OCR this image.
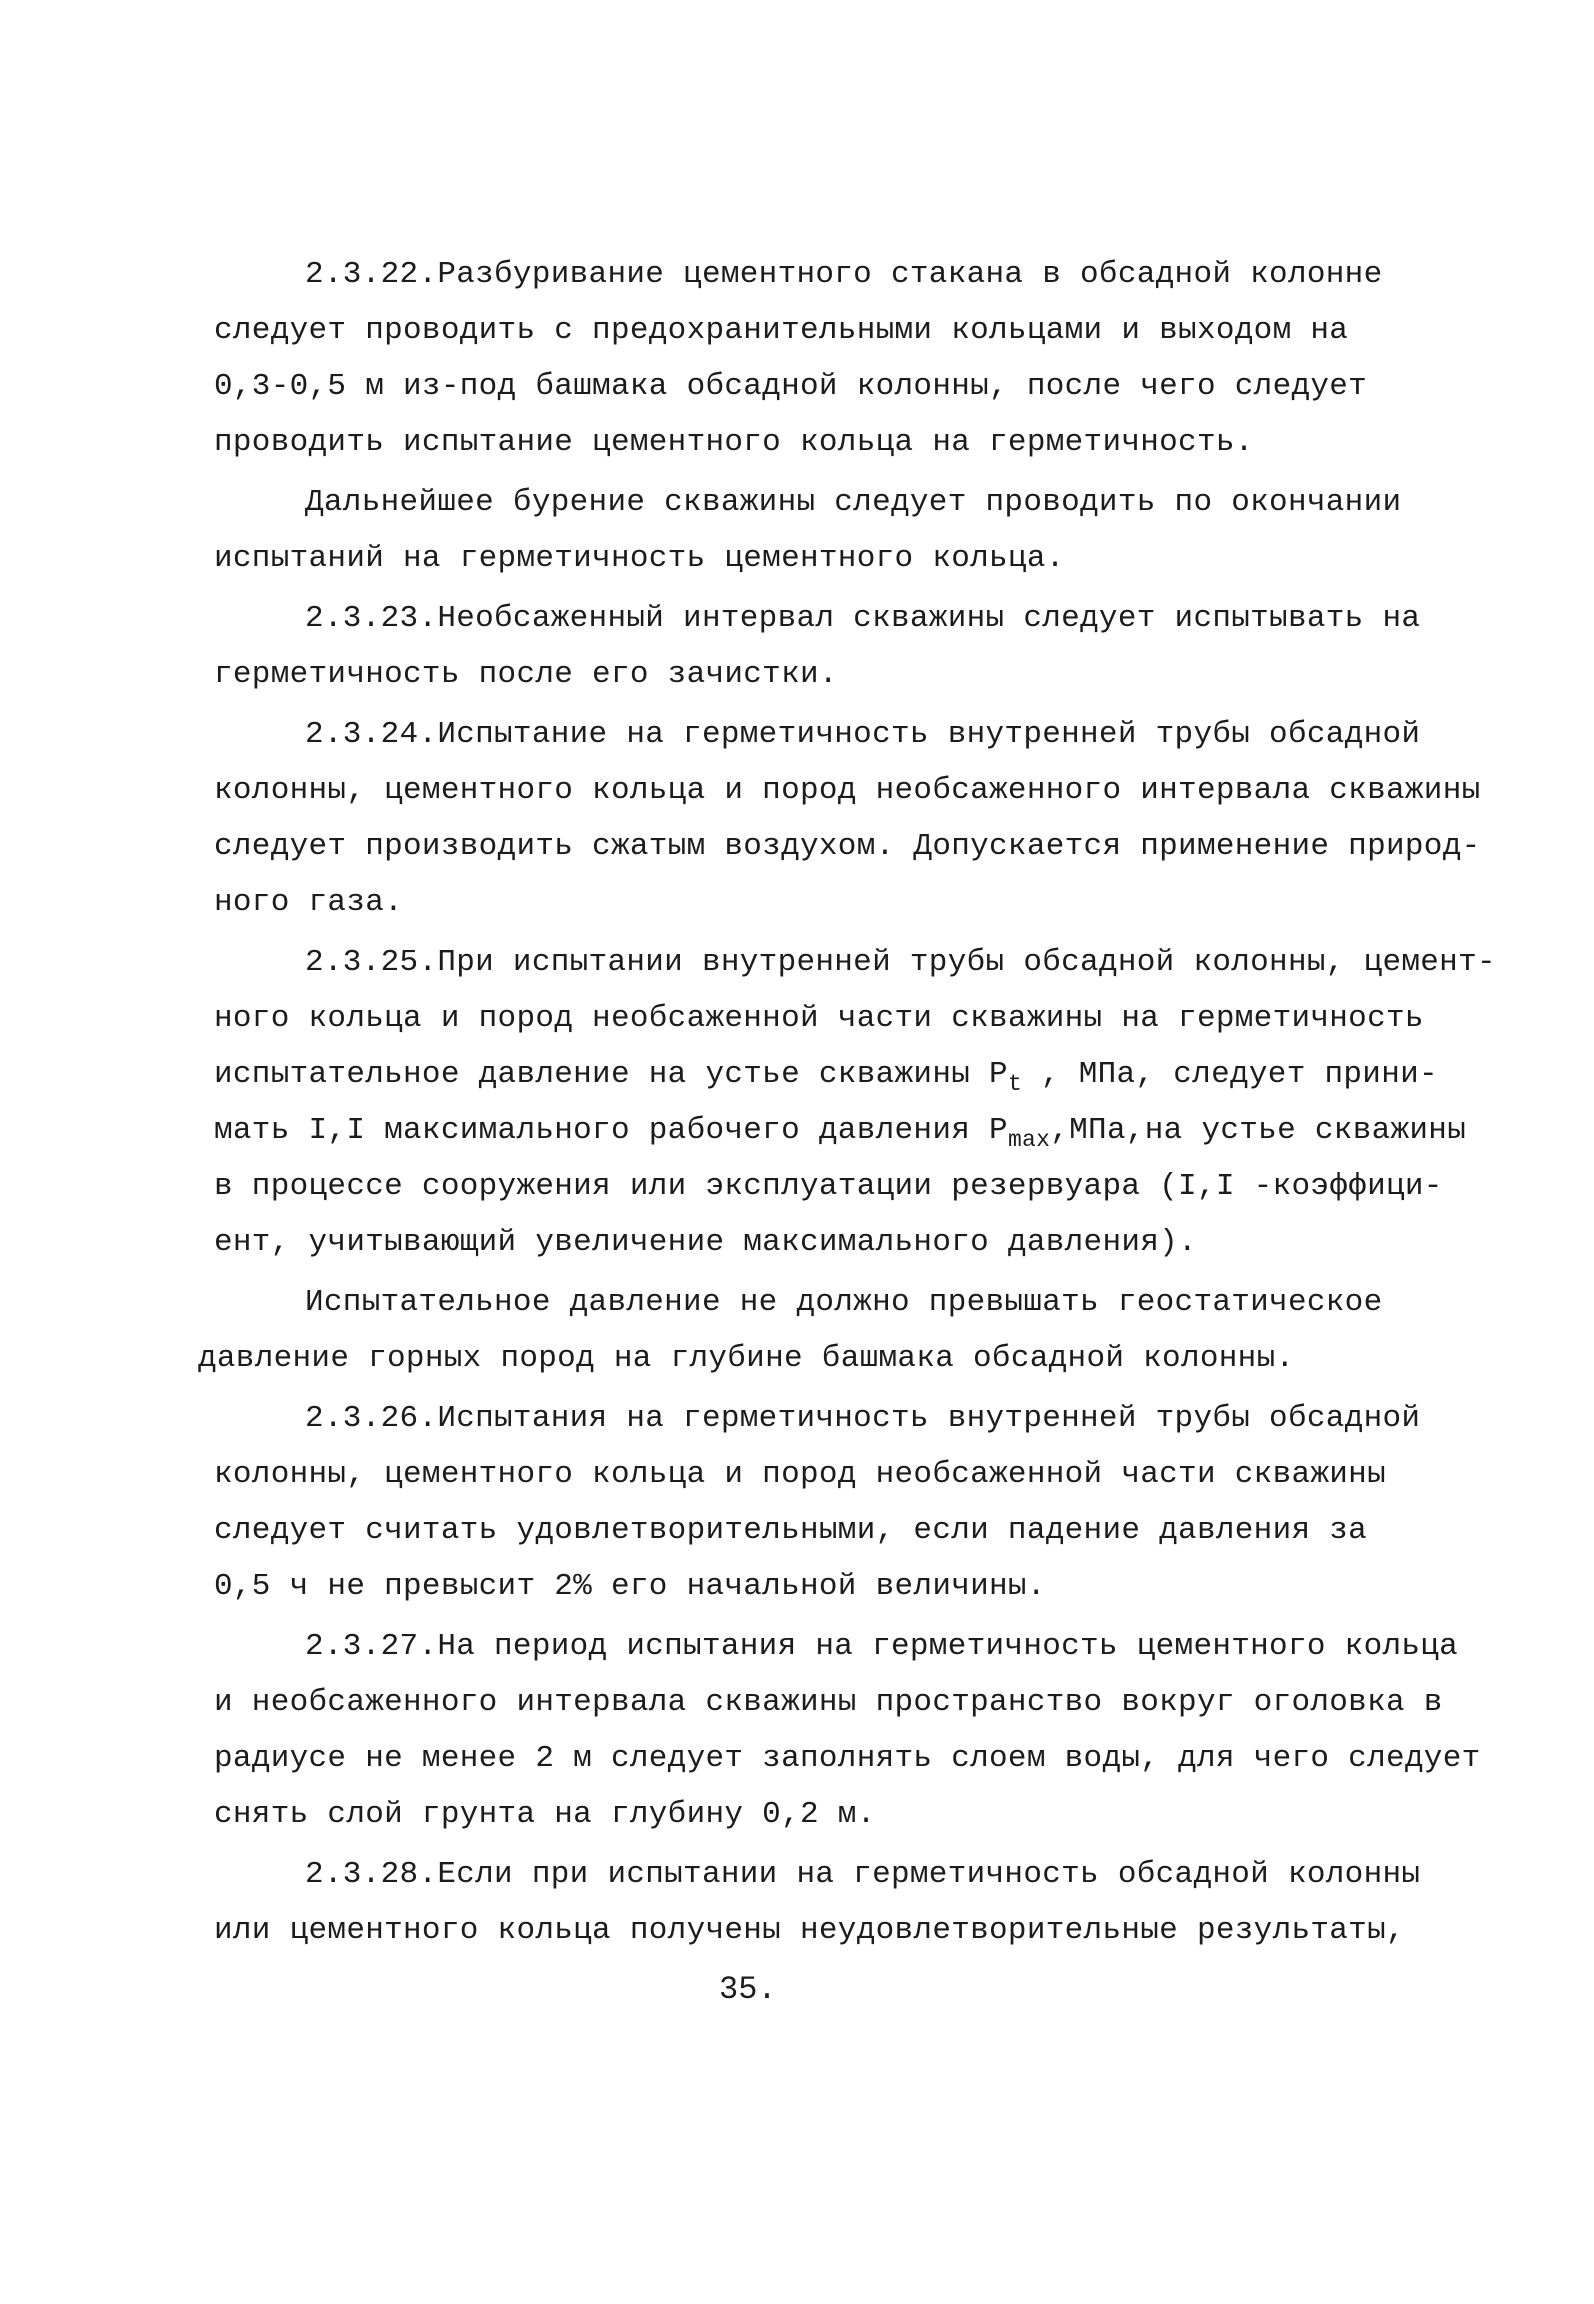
2.3.22.Разбуривание цементного стакана в обсадной колонне
следует проводить с предохранительными кольцами и выходом на
0,3-0,5 м из-под башмака обсадной колонны, после чего следует
проводить испытание цементного кольца на герметичность.
Дальнейшее бурение скважины следует проводить по окончании
испытаний на герметичность цементного кольца.
2.3.23.Необсаженный интервал скважины следует испытывать на
герметичность после его зачистки.
2.3.24.Испытание на герметичность внутренней трубы обсадной
колонны, цементного кольца и пород необсаженного интервала скважины
следует производить сжатым воздухом. Допускается применение природ-
ного газа.
2.3.25.При испытании внутренней трубы обсадной колонны, цемент-
ного кольца и пород необсаженной части скважины на герметичность
испытательное давление на устье скважины $P_t$ , МПа, следует прини-
мать I,I максимального рабочего давления $P_{max},МПа,на$ устье скважины
в процессе сооружения или эксплуатации резервуара (I,I -коэффици-
ент, учитывающий увеличение максимального давления).
Испытательное давление не должно превышать геостатическое
давление горных пород на глубине башмака обсадной колонны.
2.3.26.Испытания на герметичность внутренней трубы обсадной
колонны, цементного кольца и пород необсаженной части скважины
следует считать удовлетворительными, если падение давления за
0,5 ч не превысит 2% его начальной величины.
2.3.27.На период испытания на герметичность цементного кольца
и необсаженного интервала скважины пространство вокруг оголовка в
радиусе не менее 2 м следует заполнять слоем воды, для чего следует
снять слой грунта на глубину 0,2 м.
2.3.28.Если при испытании на герметичность обсадной колонны
или цементного кольца получены неудовлетворительные результаты,
35.
